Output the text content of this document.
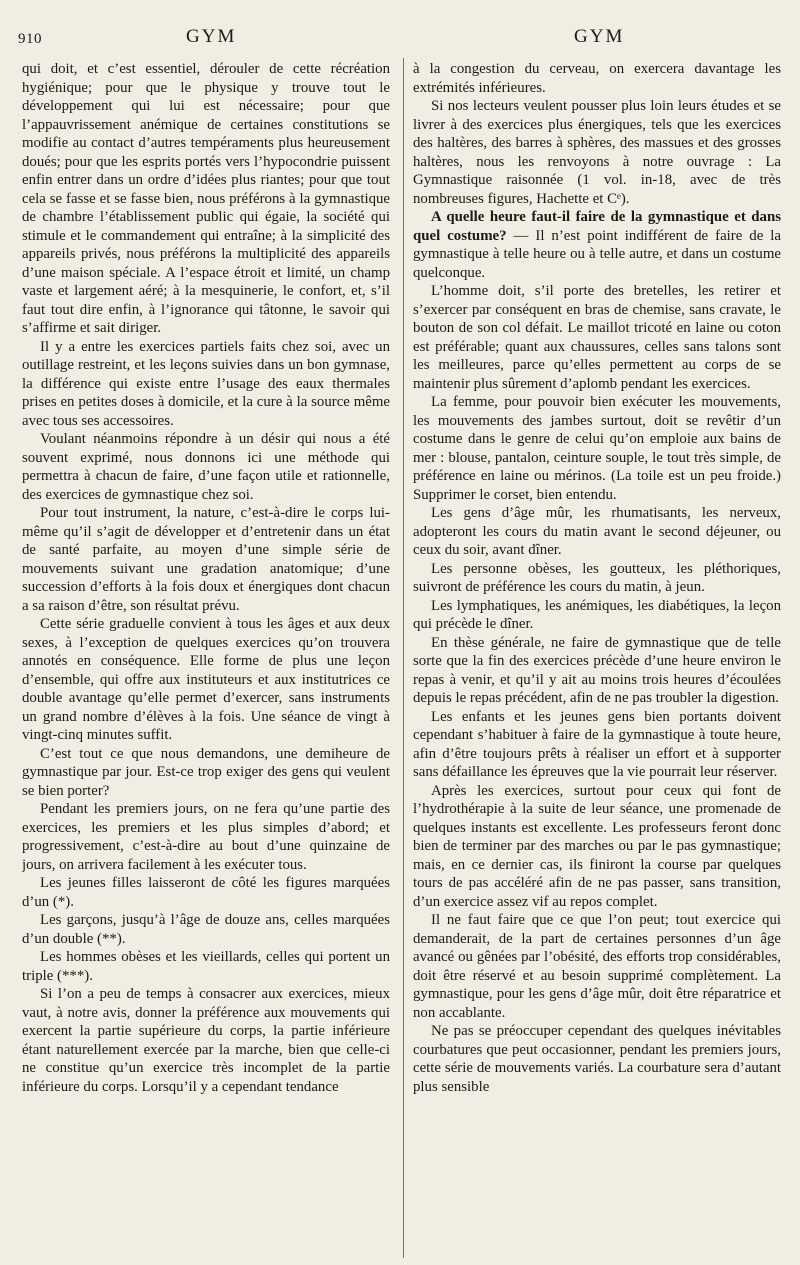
910	GYM	GYM

qui doit, et c’est essentiel, dérouler de cette récréation hygiénique; pour que le physique y trouve tout le développement qui lui est nécessaire; pour que l’appauvrissement anémique de certaines constitutions se modifie au contact d’autres tempéraments plus heureusement doués; pour que les esprits portés vers l’hypocondrie puissent enfin entrer dans un ordre d’idées plus riantes; pour que tout cela se fasse et se fasse bien, nous préférons à la gymnastique de chambre l’établissement public qui égaie, la société qui stimule et le commandement qui entraîne; à la simplicité des appareils privés, nous préférons la multiplicité des appareils d’une maison spéciale. A l’espace étroit et limité, un champ vaste et largement aéré; à la mesquinerie, le confort, et, s’il faut tout dire enfin, à l’ignorance qui tâtonne, le savoir qui s’affirme et sait diriger.

Il y a entre les exercices partiels faits chez soi, avec un outillage restreint, et les leçons suivies dans un bon gymnase, la différence qui existe entre l’usage des eaux thermales prises en petites doses à domicile, et la cure à la source même avec tous ses accessoires.

Voulant néanmoins répondre à un désir qui nous a été souvent exprimé, nous donnons ici une méthode qui permettra à chacun de faire, d’une façon utile et rationnelle, des exercices de gymnastique chez soi.

Pour tout instrument, la nature, c’est-à-dire le corps lui-même qu’il s’agit de développer et d’entretenir dans un état de santé parfaite, au moyen d’une simple série de mouvements suivant une gradation anatomique; d’une succession d’efforts à la fois doux et énergiques dont chacun a sa raison d’être, son résultat prévu.

Cette série graduelle convient à tous les âges et aux deux sexes, à l’exception de quelques exercices qu’on trouvera annotés en conséquence. Elle forme de plus une leçon d’ensemble, qui offre aux instituteurs et aux institutrices ce double avantage qu’elle permet d’exercer, sans instruments un grand nombre d’élèves à la fois. Une séance de vingt à vingt-cinq minutes suffit.

C’est tout ce que nous demandons, une demiheure de gymnastique par jour. Est-ce trop exiger des gens qui veulent se bien porter?

Pendant les premiers jours, on ne fera qu’une partie des exercices, les premiers et les plus simples d’abord; et progressivement, c’est-à-dire au bout d’une quinzaine de jours, on arrivera facilement à les exécuter tous.

Les jeunes filles laisseront de côté les figures marquées d’un (*).

Les garçons, jusqu’à l’âge de douze ans, celles marquées d’un double (**).

Les hommes obèses et les vieillards, celles qui portent un triple (***).

Si l’on a peu de temps à consacrer aux exercices, mieux vaut, à notre avis, donner la préférence aux mouvements qui exercent la partie supérieure du corps, la partie inférieure étant naturellement exercée par la marche, bien que celle-ci ne constitue qu’un exercice très incomplet de la partie inférieure du corps. Lorsqu’il y a cependant tendance

à la congestion du cerveau, on exercera davantage les extrémités inférieures.

Si nos lecteurs veulent pousser plus loin leurs études et se livrer à des exercices plus énergiques, tels que les exercices des haltères, des barres à sphères, des massues et des grosses haltères, nous les renvoyons à notre ouvrage : La Gymnastique raisonnée (1 vol. in-18, avec de très nombreuses figures, Hachette et Cᵉ).

A quelle heure faut-il faire de la gymnastique et dans quel costume? — Il n’est point indifférent de faire de la gymnastique à telle heure ou à telle autre, et dans un costume quelconque.

L’homme doit, s’il porte des bretelles, les retirer et s’exercer par conséquent en bras de chemise, sans cravate, le bouton de son col défait. Le maillot tricoté en laine ou coton est préférable; quant aux chaussures, celles sans talons sont les meilleures, parce qu’elles permettent au corps de se maintenir plus sûrement d’aplomb pendant les exercices.

La femme, pour pouvoir bien exécuter les mouvements, les mouvements des jambes surtout, doit se revêtir d’un costume dans le genre de celui qu’on emploie aux bains de mer : blouse, pantalon, ceinture souple, le tout très simple, de préférence en laine ou mérinos. (La toile est un peu froide.) Supprimer le corset, bien entendu.

Les gens d’âge mûr, les rhumatisants, les nerveux, adopteront les cours du matin avant le second déjeuner, ou ceux du soir, avant dîner.

Les personne obèses, les goutteux, les pléthoriques, suivront de préférence les cours du matin, à jeun.

Les lymphatiques, les anémiques, les diabétiques, la leçon qui précède le dîner.

En thèse générale, ne faire de gymnastique que de telle sorte que la fin des exercices précède d’une heure environ le repas à venir, et qu’il y ait au moins trois heures d’écoulées depuis le repas précédent, afin de ne pas troubler la digestion.

Les enfants et les jeunes gens bien portants doivent cependant s’habituer à faire de la gymnastique à toute heure, afin d’être toujours prêts à réaliser un effort et à supporter sans défaillance les épreuves que la vie pourrait leur réserver.

Après les exercices, surtout pour ceux qui font de l’hydrothérapie à la suite de leur séance, une promenade de quelques instants est excellente. Les professeurs feront donc bien de terminer par des marches ou par le pas gymnastique; mais, en ce dernier cas, ils finiront la course par quelques tours de pas accéléré afin de ne pas passer, sans transition, d’un exercice assez vif au repos complet.

Il ne faut faire que ce que l’on peut; tout exercice qui demanderait, de la part de certaines personnes d’un âge avancé ou gênées par l’obésité, des efforts trop considérables, doit être réservé et au besoin supprimé complètement. La gymnastique, pour les gens d’âge mûr, doit être réparatrice et non accablante.

Ne pas se préoccuper cependant des quelques inévitables courbatures que peut occasionner, pendant les premiers jours, cette série de mouvements variés. La courbature sera d’autant plus sensible
